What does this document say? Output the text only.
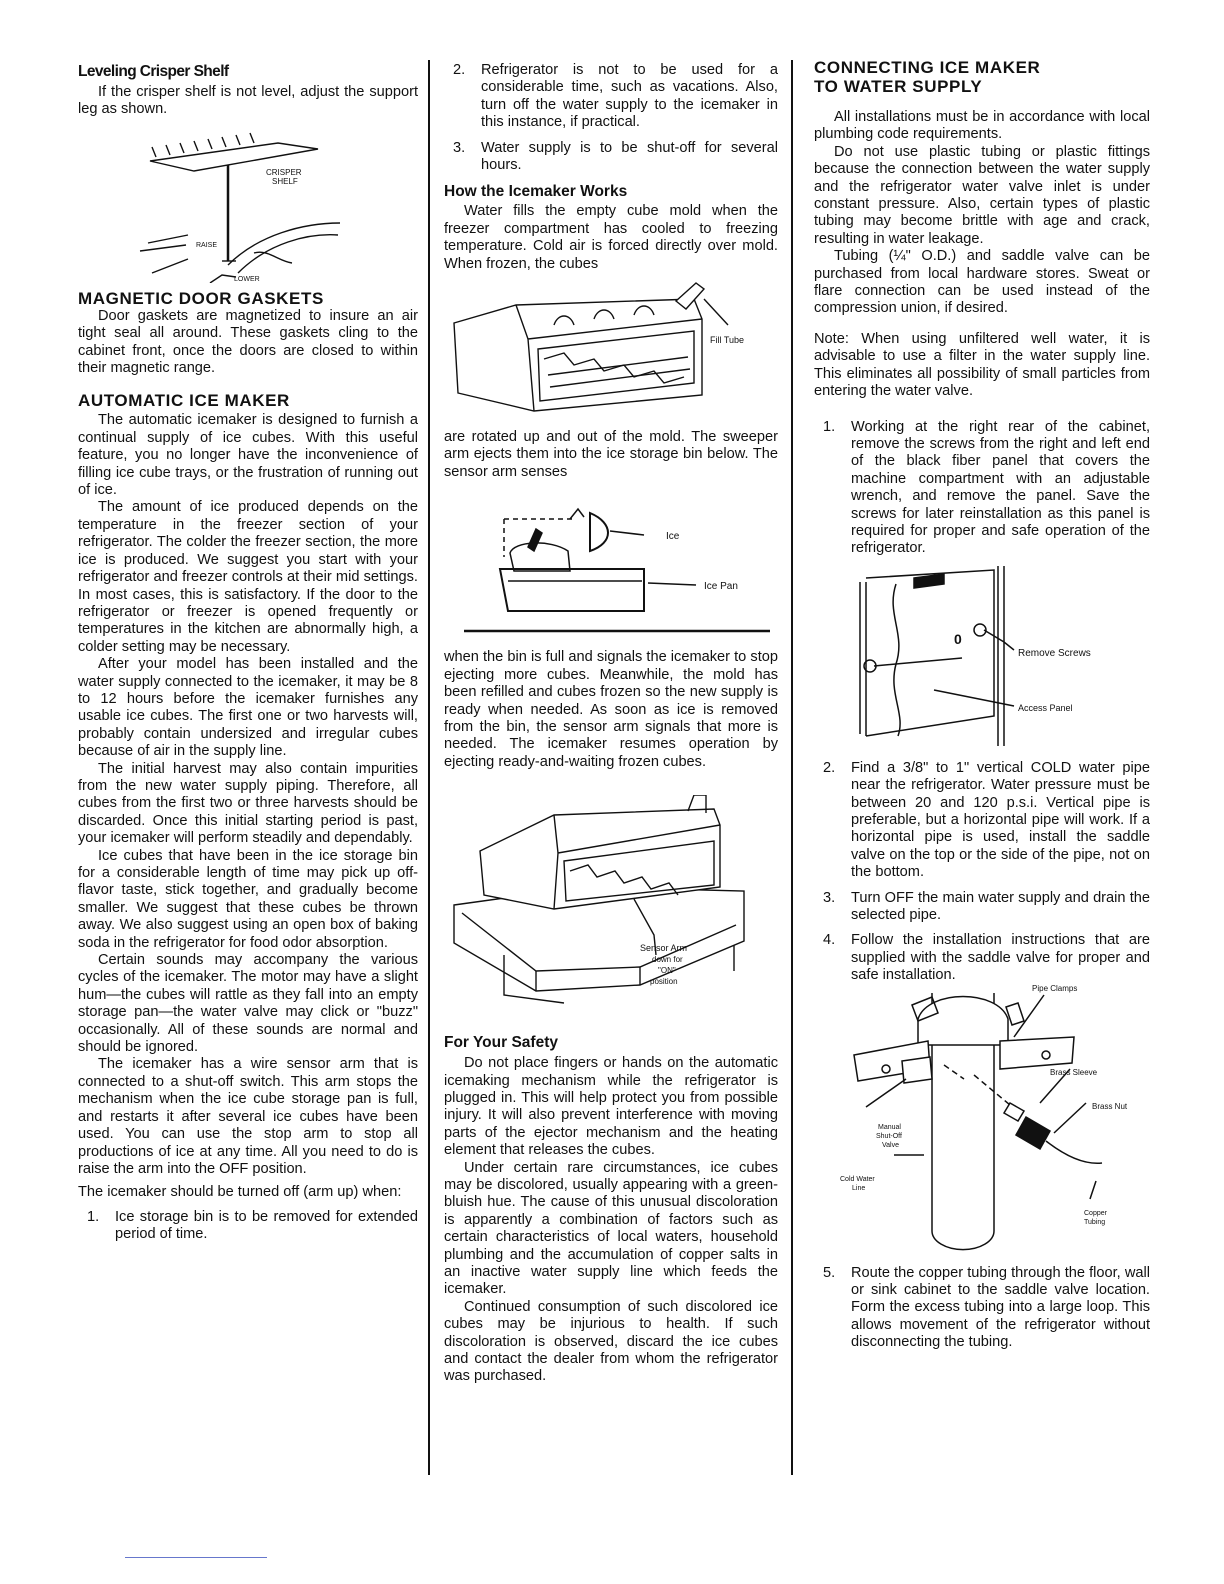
Leveling Crisper Shelf

If the crisper shelf is not level, adjust the support leg as shown.

CRISPER
SHELF
RAISE
LOWER
MAGNETIC DOOR GASKETS

Door gaskets are magnetized to insure an air tight seal all around. These gaskets cling to the cabinet front, once the doors are closed to within their magnetic range.

AUTOMATIC ICE MAKER

The automatic icemaker is designed to furnish a continual supply of ice cubes. With this useful feature, you no longer have the inconvenience of filling ice cube trays, or the frustration of running out of ice.

The amount of ice produced depends on the temperature in the freezer section of your refrigerator. The colder the freezer section, the more ice is produced. We suggest you start with your refrigerator and freezer controls at their mid settings. In most cases, this is satisfactory. If the door to the refrigerator or freezer is opened frequently or temperatures in the kitchen are abnormally high, a colder setting may be necessary.

After your model has been installed and the water supply connected to the icemaker, it may be 8 to 12 hours before the icemaker furnishes any usable ice cubes. The first one or two harvests will, probably contain undersized and irregular cubes because of air in the supply line.

The initial harvest may also contain impurities from the new water supply piping. Therefore, all cubes from the first two or three harvests should be discarded. Once this initial starting period is past, your icemaker will perform steadily and dependably.

Ice cubes that have been in the ice storage bin for a considerable length of time may pick up off-flavor taste, stick together, and gradually become smaller. We suggest that these cubes be thrown away. We also suggest using an open box of baking soda in the refrigerator for food odor absorption.

Certain sounds may accompany the various cycles of the icemaker. The motor may have a slight hum—the cubes will rattle as they fall into an empty storage pan—the water valve may click or "buzz" occasionally. All of these sounds are normal and should be ignored.

The icemaker has a wire sensor arm that is connected to a shut-off switch. This arm stops the mechanism when the ice cube storage pan is full, and restarts it after several ice cubes have been used. You can use the stop arm to stop all productions of ice at any time. All you need to do is raise the arm into the OFF position.

The icemaker should be turned off (arm up) when:

1. Ice storage bin is to be removed for extended period of time.
2. Refrigerator is not to be used for a considerable time, such as vacations. Also, turn off the water supply to the icemaker in this instance, if practical.
3. Water supply is to be shut-off for several hours.
How the Icemaker Works

Water fills the empty cube mold when the freezer compartment has cooled to freezing temperature. Cold air is forced directly over mold. When frozen, the cubes

Fill Tube

are rotated up and out of the mold. The sweeper arm ejects them into the ice storage bin below. The sensor arm senses

Ice
Ice Pan

when the bin is full and signals the icemaker to stop ejecting more cubes. Meanwhile, the mold has been refilled and cubes frozen so the new supply is ready when needed. As soon as ice is removed from the bin, the sensor arm signals that more is needed. The icemaker resumes operation by ejecting ready-and-waiting frozen cubes.

Sensor Arm
down for
"ON"
position
For Your Safety

Do not place fingers or hands on the automatic icemaking mechanism while the refrigerator is plugged in. This will help protect you from possible injury. It will also prevent interference with moving parts of the ejector mechanism and the heating element that releases the cubes.

Under certain rare circumstances, ice cubes may be discolored, usually appearing with a green-bluish hue. The cause of this unusual discoloration is apparently a combination of factors such as certain characteristics of local waters, household plumbing and the accumulation of copper salts in an inactive water supply line which feeds the icemaker.

Continued consumption of such discolored ice cubes may be injurious to health. If such discoloration is observed, discard the ice cubes and contact the dealer from whom the refrigerator was purchased.

CONNECTING ICE MAKER
TO WATER SUPPLY

All installations must be in accordance with local plumbing code requirements.

Do not use plastic tubing or plastic fittings because the connection between the water supply and the refrigerator water valve inlet is under constant pressure. Also, certain types of plastic tubing may become brittle with age and crack, resulting in water leakage.

Tubing (¼" O.D.) and saddle valve can be purchased from local hardware stores. Sweat or flare connection can be used instead of the compression union, if desired.

Note: When using unfiltered well water, it is advisable to use a filter in the water supply line. This eliminates all possibility of small particles from entering the water valve.

1. Working at the right rear of the cabinet, remove the screws from the right and left end of the black fiber panel that covers the machine compartment with an adjustable wrench, and remove the panel. Save the screws for later reinstallation as this panel is required for proper and safe operation of the refrigerator.
0
Remove Screws
Access Panel
2. Find a 3/8" to 1" vertical COLD water pipe near the refrigerator. Water pressure must be between 20 and 120 p.s.i. Vertical pipe is preferable, but a horizontal pipe will work. If a horizontal pipe is used, install the saddle valve on the top or the side of the pipe, not on the bottom.
3. Turn OFF the main water supply and drain the selected pipe.
4. Follow the installation instructions that are supplied with the saddle valve for proper and safe installation.
Pipe Clamps
Brass Sleeve
Brass Nut
Manual
Shut-Off
Valve
Cold Water
Line
Copper
Tubing
5. Route the copper tubing through the floor, wall or sink cabinet to the saddle valve location. Form the excess tubing into a large loop. This allows movement of the refrigerator without disconnecting the tubing.
